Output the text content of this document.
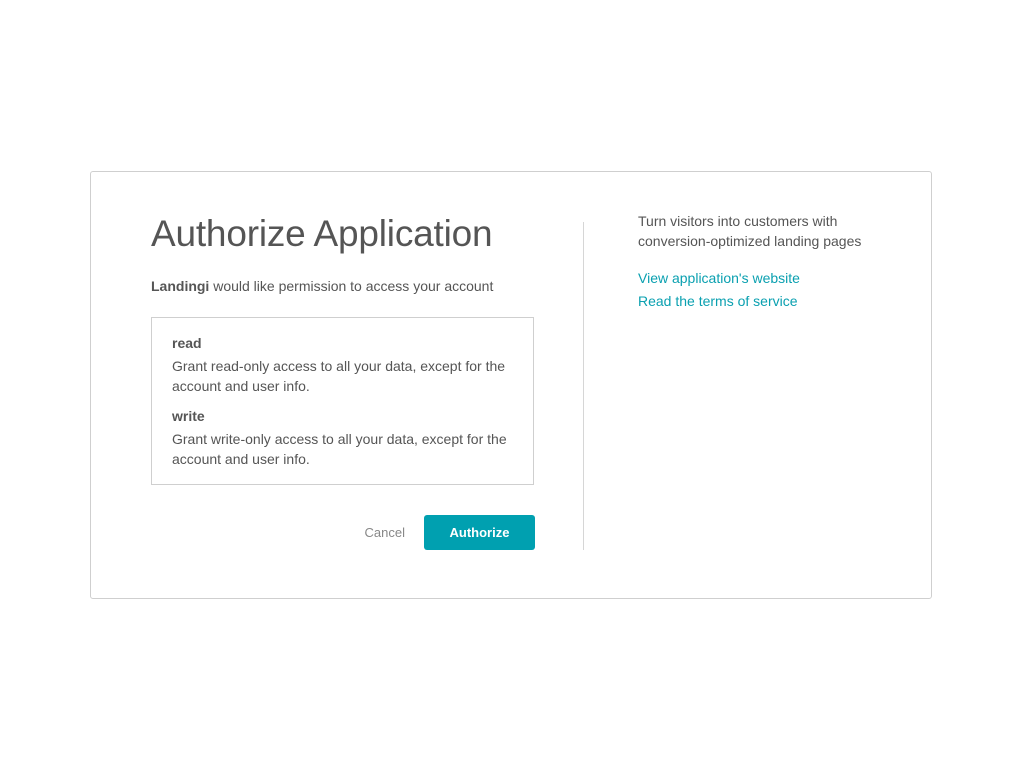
Authorize Application

Landingi would like permission to access your account

read
Grant read-only access to all your data, except for the account and user info.
write
Grant write-only access to all your data, except for the account and user info.
Cancel	Authorize

Turn visitors into customers with conversion-optimized landing pages

View application's website
Read the terms of service
